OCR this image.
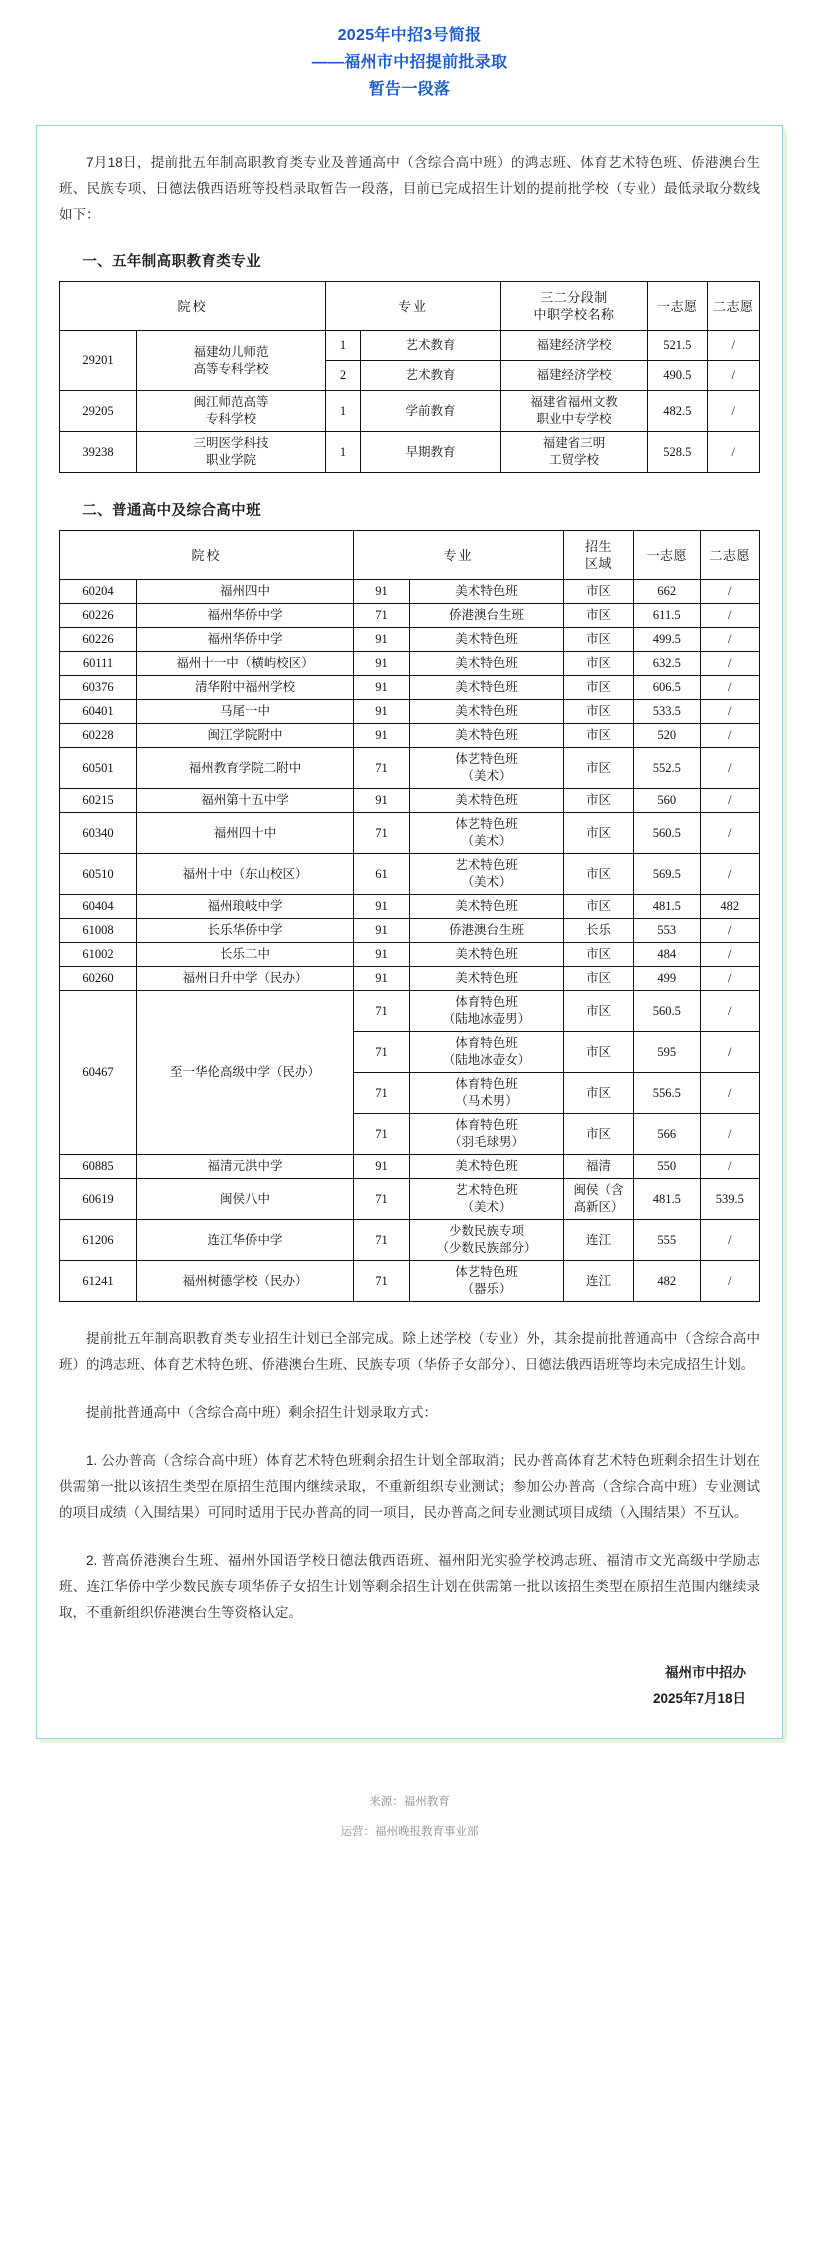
2025年中招3号简报
——福州市中招提前批录取
暂告一段落

7月18日，提前批五年制高职教育类专业及普通高中（含综合高中班）的鸿志班、体育艺术特色班、侨港澳台生班、民族专项、日德法俄西语班等投档录取暂告一段落，目前已完成招生计划的提前批学校（专业）最低录取分数线如下：

一、五年制高职教育类专业
院校		专业		三二分段制
中职学校名称	一志愿	二志愿
29201	福建幼儿师范
高等专科学校	1	艺术教育	福建经济学校	521.5	/
		2	艺术教育	福建经济学校	490.5	/
29205	闽江师范高等
专科学校	1	学前教育	福建省福州文教
职业中专学校	482.5	/
39238	三明医学科技
职业学院	1	早期教育	福建省三明
工贸学校	528.5	/
二、普通高中及综合高中班
院校		专业		招生
区域	一志愿	二志愿
60204	福州四中	91	美术特色班	市区	662	/
60226	福州华侨中学	71	侨港澳台生班	市区	611.5	/
60226	福州华侨中学	91	美术特色班	市区	499.5	/
60111	福州十一中（横屿校区）	91	美术特色班	市区	632.5	/
60376	清华附中福州学校	91	美术特色班	市区	606.5	/
60401	马尾一中	91	美术特色班	市区	533.5	/
60228	闽江学院附中	91	美术特色班	市区	520	/
60501	福州教育学院二附中	71	体艺特色班
（美术）	市区	552.5	/
60215	福州第十五中学	91	美术特色班	市区	560	/
60340	福州四十中	71	体艺特色班
（美术）	市区	560.5	/
60510	福州十中（东山校区）	61	艺术特色班
（美术）	市区	569.5	/
60404	福州琅岐中学	91	美术特色班	市区	481.5	482
61008	长乐华侨中学	91	侨港澳台生班	长乐	553	/
61002	长乐二中	91	美术特色班	市区	484	/
60260	福州日升中学（民办）	91	美术特色班	市区	499	/
60467	至一华伦高级中学（民办）	71	体育特色班
（陆地冰壶男）	市区	560.5	/
		71	体育特色班
（陆地冰壶女）	市区	595	/
		71	体育特色班
（马术男）	市区	556.5	/
		71	体育特色班
（羽毛球男）	市区	566	/
60885	福清元洪中学	91	美术特色班	福清	550	/
60619	闽侯八中	71	艺术特色班
（美术）	闽侯（含
高新区）	481.5	539.5
61206	连江华侨中学	71	少数民族专项
（少数民族部分）	连江	555	/
61241	福州树德学校（民办）	71	体艺特色班
（器乐）	连江	482	/

提前批五年制高职教育类专业招生计划已全部完成。除上述学校（专业）外，其余提前批普通高中（含综合高中班）的鸿志班、体育艺术特色班、侨港澳台生班、民族专项（华侨子女部分）、日德法俄西语班等均未完成招生计划。

提前批普通高中（含综合高中班）剩余招生计划录取方式：

1. 公办普高（含综合高中班）体育艺术特色班剩余招生计划全部取消；民办普高体育艺术特色班剩余招生计划在供需第一批以该招生类型在原招生范围内继续录取，不重新组织专业测试；参加公办普高（含综合高中班）专业测试的项目成绩（入围结果）可同时适用于民办普高的同一项目，民办普高之间专业测试项目成绩（入围结果）不互认。

2. 普高侨港澳台生班、福州外国语学校日德法俄西语班、福州阳光实验学校鸿志班、福清市文光高级中学励志班、连江华侨中学少数民族专项华侨子女招生计划等剩余招生计划在供需第一批以该招生类型在原招生范围内继续录取，不重新组织侨港澳台生等资格认定。

福州市中招办
2025年7月18日
来源：福州教育
运营：福州晚报教育事业部
